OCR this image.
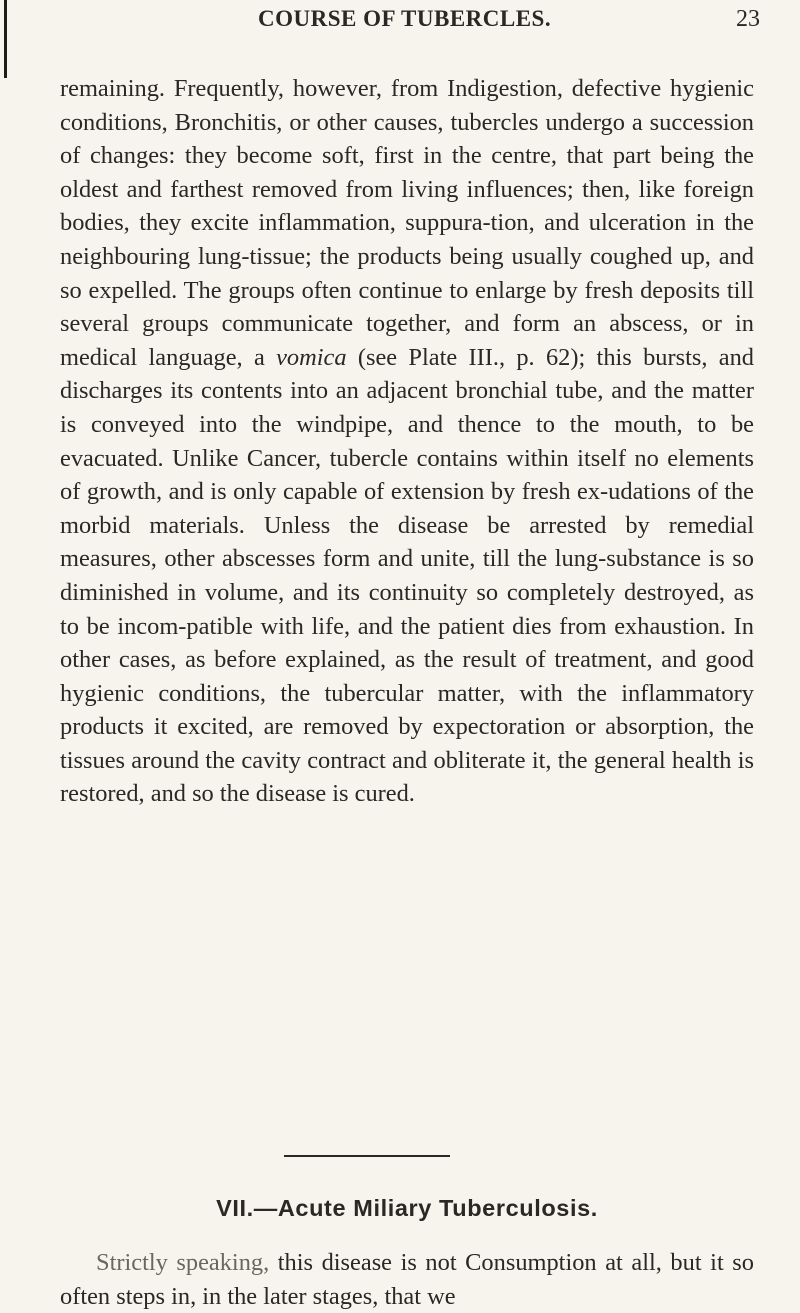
COURSE OF TUBERCLES.	23

remaining. Frequently, however, from Indigestion, defective hygienic conditions, Bronchitis, or other causes, tubercles undergo a succession of changes: they become soft, first in the centre, that part being the oldest and farthest removed from living influences; then, like foreign bodies, they excite inflammation, suppura-tion, and ulceration in the neighbouring lung-tissue; the products being usually coughed up, and so expelled. The groups often continue to enlarge by fresh deposits till several groups communicate together, and form an abscess, or in medical language, a vomica (see Plate III., p. 62); this bursts, and discharges its contents into an adjacent bronchial tube, and the matter is conveyed into the windpipe, and thence to the mouth, to be evacuated. Unlike Cancer, tubercle contains within itself no elements of growth, and is only capable of extension by fresh ex-udations of the morbid materials. Unless the disease be arrested by remedial measures, other abscesses form and unite, till the lung-substance is so diminished in volume, and its continuity so completely destroyed, as to be incom-patible with life, and the patient dies from exhaustion. In other cases, as before explained, as the result of treatment, and good hygienic conditions, the tubercular matter, with the inflammatory products it excited, are removed by expectoration or absorption, the tissues around the cavity contract and obliterate it, the general health is restored, and so the disease is cured.

VII.—Acute Miliary Tuberculosis.

Strictly speaking, this disease is not Consumption at all, but it so often steps in, in the later stages, that we
